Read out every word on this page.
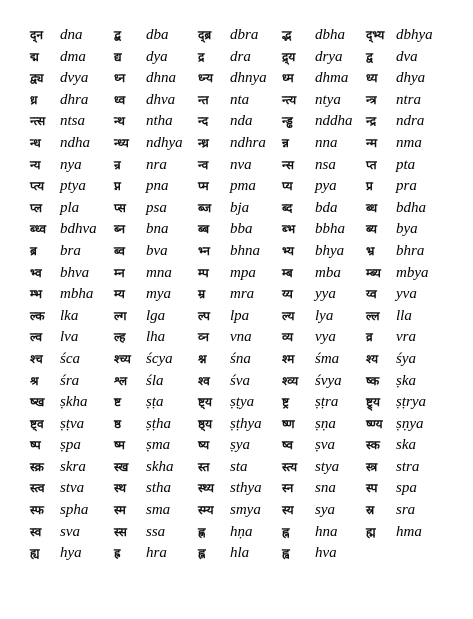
द्न	dna	द्ब	dba द्ब्र	dbra द्भ	dbha द्भ्य dbhya
द्म	dma द्य	dya	द्र	dra	द्र्य	drya द्व	dva
द्व्य	dvya ध्न	dhna ध्न्य	dhnya ध्म	dhma ध्य	dhya
ध्र	dhra ध्व	dhva न्त	nta	न्त्य	ntya न्त्र	ntra
न्त्स ntsa न्थ	ntha न्द	nda न्ड्ढ	nddha न्द्र	ndra
न्ध	ndha न्ध्य	ndhya न्ध्र	ndhra न्न	nna न्म	nma
न्य	nya	न्र	nra	न्व	nva	न्स	nsa	प्त	pta
प्त्य	ptya प्न	pna प्म	pma प्य	pya प्र	pra
प्ल	pla	प्स	psa	ब्ज	bja	ब्द	bda ब्ध	bdha
ब्ध्व bdhva ब्न	bna ब्ब	bba ब्भ	bbha ब्य	bya
ब्र	bra	ब्व	bva	भ्न	bhna भ्य	bhya भ्र	bhra
भ्व	bhva म्न	mna म्प	mpa म्ब	mba म्ब्य	mbya
म्भ	mbha म्य	mya म्र	mra य्य	yya	य्व	yva
ल्क	lka	ल्ग	lga	ल्प	lpa	ल्य	lya	ल्ल	lla
ल्व	lva	ल्ह	lha	व्न	vna	व्य	vya	व्र	vra
श्च	śca	श्च्य	ścya श्न	śna	श्म	śma श्य	śya
श्र	śra	श्ल	śla	श्व	śva	श्व्य	śvya ष्क	ṣka
ष्ख	ṣkha ष्ट	ṣṭa	ष्ट्य	ṣṭya ष्ट्र	ṣṭra ष्ट्र्य	ṣṭrya
ष्ट्व	ṣṭva ष्ठ	ṣṭha ष्ठ्य	ṣṭhya ष्ण	ṣṇa	ष्ण्य ṣṇya
ष्प	ṣpa	ष्म	ṣma ष्य	ṣya	ष्व	ṣva	स्क	ska
स्क्र	skra स्ख	skha स्त	sta	स्त्य	stya स्त्र	stra
स्त्व	stva स्थ	stha स्थ्य	sthya स्न	sna	स्प	spa
स्फ	spha स्म	sma स्म्य	smya स्य	sya	स्र	sra
स्व	sva	स्स	ssa	ह्ण	hṇa ह्न	hna ह्म	hma
ह्य	hya	ह्र	hra	ह्ल	hla	ह्व	hva
